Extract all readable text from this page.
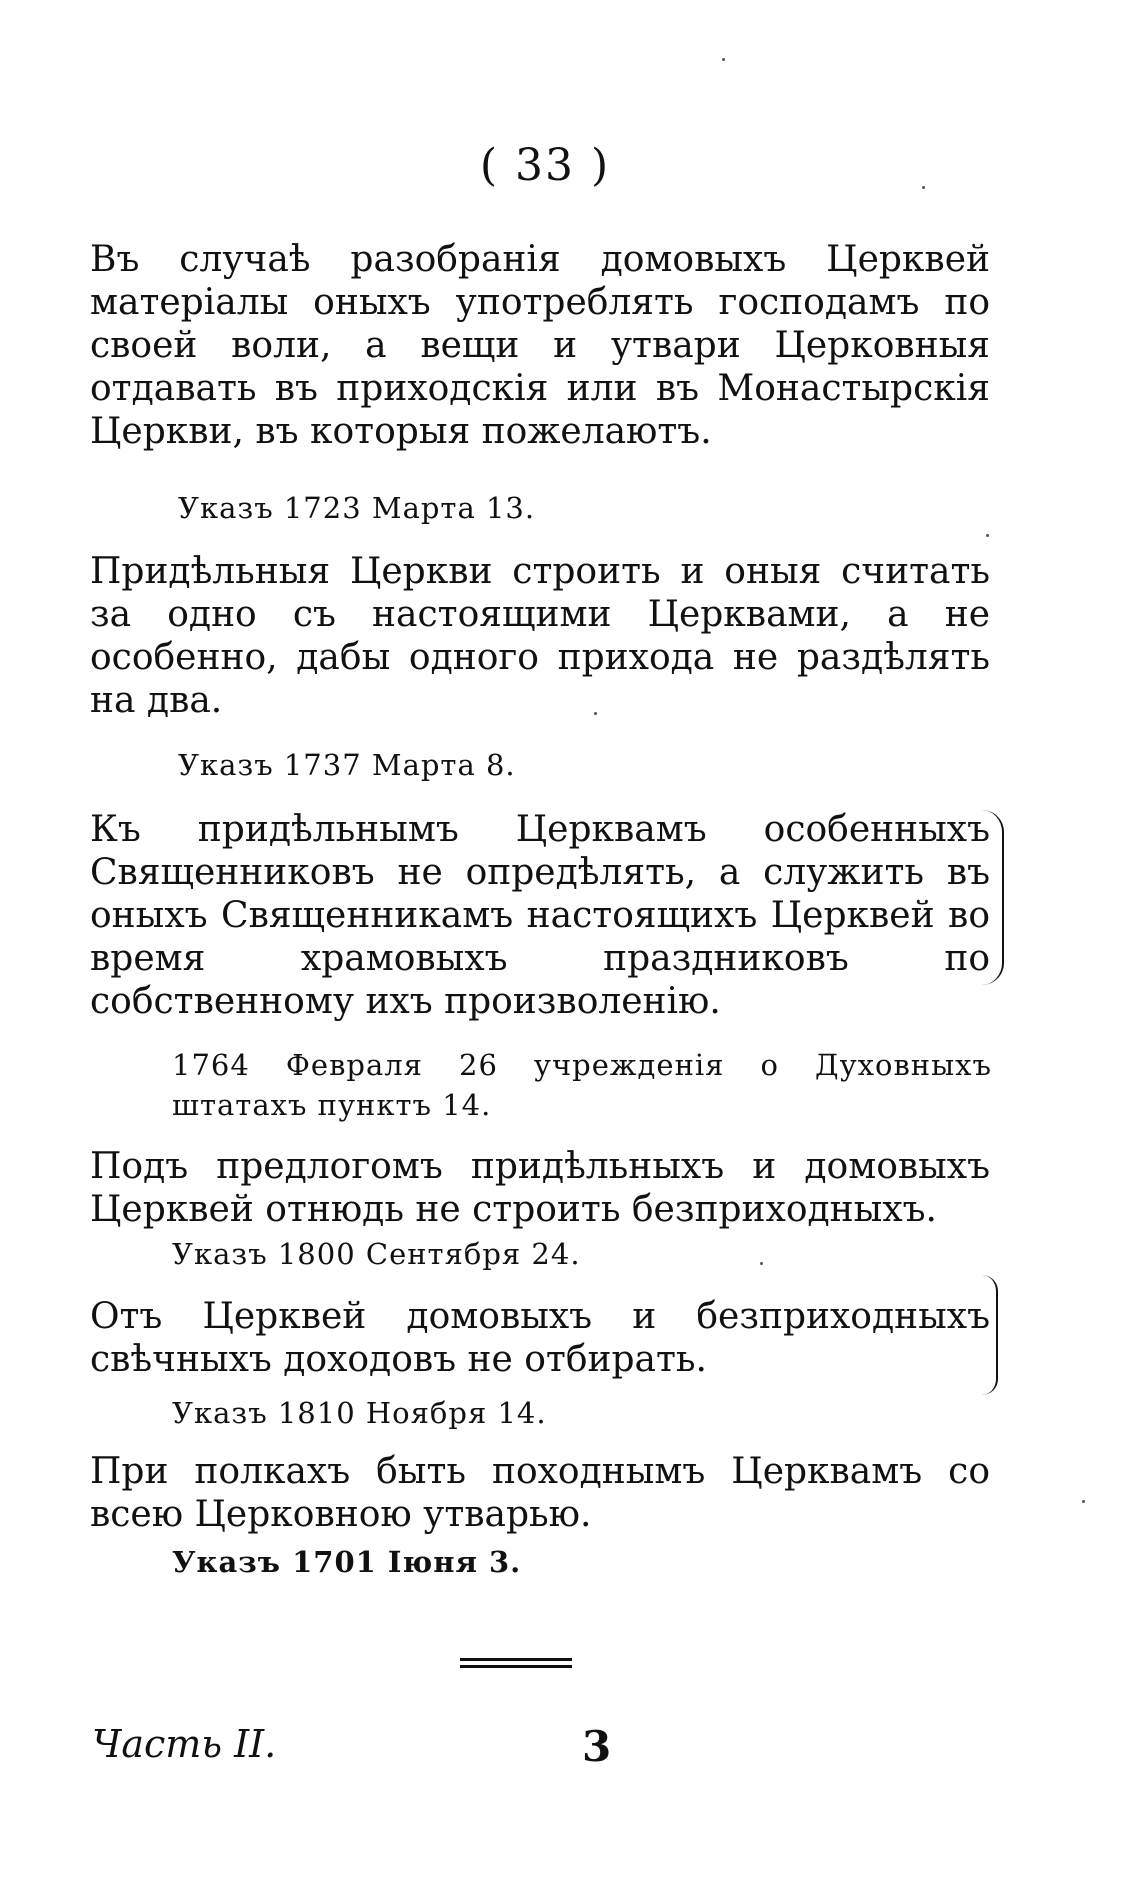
( 33 )

Въ случаѣ разобранія домовыхъ Церквей матеріалы оныхъ употреблять господамъ по своей воли, а вещи и утвари Церковныя отдавать въ приходскія или въ Монастырскія Церкви, въ которыя пожелаютъ.

Указъ 1723 Марта 13.

Придѣльныя Церкви строить и оныя считать за одно съ настоящими Церквами, а не особенно, дабы одного прихода не раздѣлять на два.

Указъ 1737 Марта 8.

Къ придѣльнымъ Церквамъ особенныхъ Священниковъ не опредѣлять, а служить въ оныхъ Священникамъ настоящихъ Церквей во время храмовыхъ праздниковъ по собственному ихъ произволенію.

1764 Февраля 26 учрежденія о Духовныхъ штатахъ пунктъ 14.

Подъ предлогомъ придѣльныхъ и домовыхъ Церквей отнюдь не строить безприходныхъ.

Указъ 1800 Сентября 24.

Отъ Церквей домовыхъ и безприходныхъ свѣчныхъ доходовъ не отбирать.

Указъ 1810 Ноября 14.

При полкахъ быть походнымъ Церквамъ со всею Церковною утварью.

Указъ 1701 Іюня 3.

Часть II.	3
